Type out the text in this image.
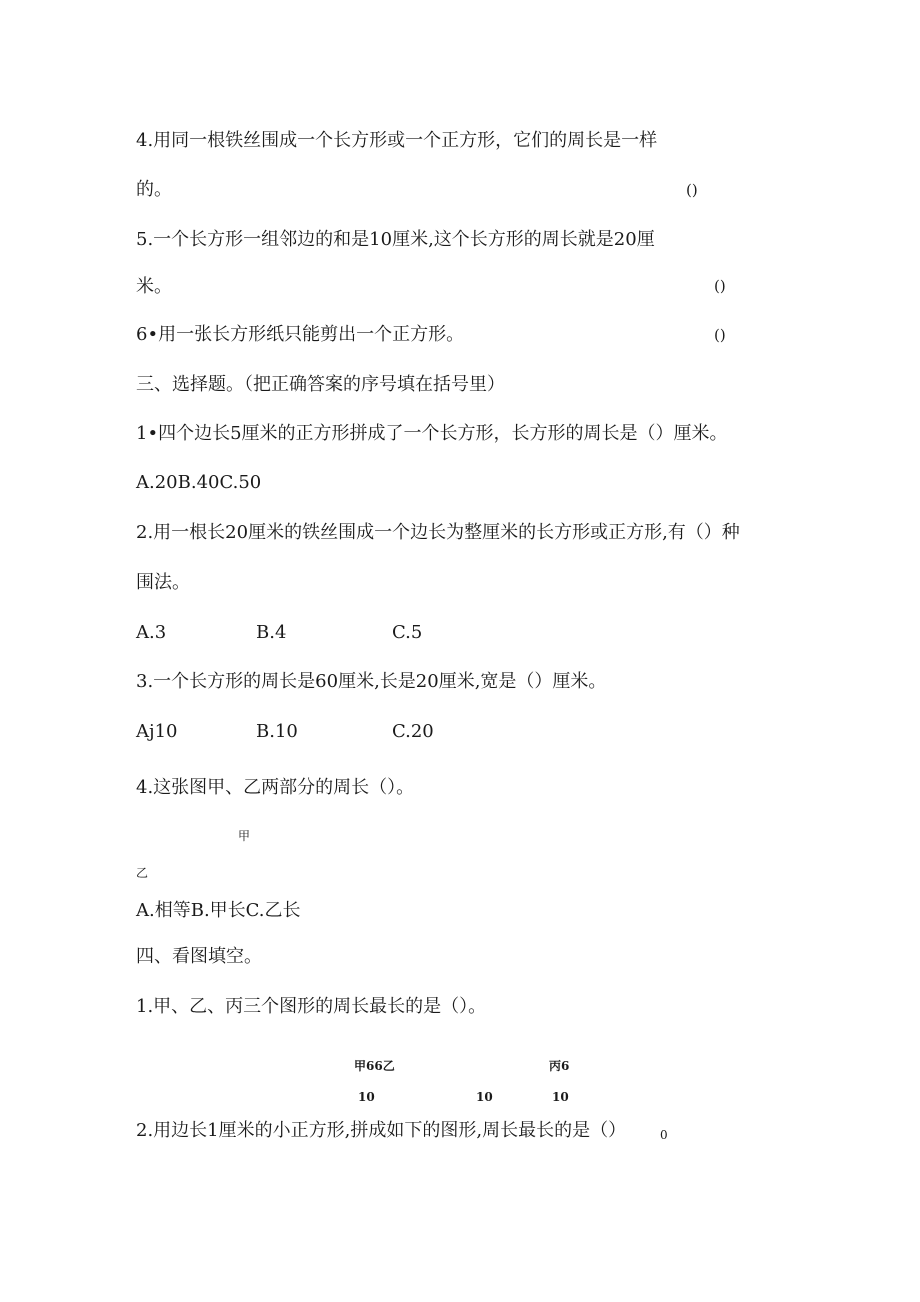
4.用同一根铁丝围成一个长方形或一个正方形，它们的周长是一样
的。	()
5.一个长方形一组邻边的和是10厘米,这个长方形的周长就是20厘
米。	()
6•用一张长方形纸只能剪出一个正方形。	()
三、选择题。（把正确答案的序号填在括号里）
1•四个边长5厘米的正方形拼成了一个长方形，长方形的周长是（）厘米。
A.20B.40C.50
2.用一根长20厘米的铁丝围成一个边长为整厘米的长方形或正方形,有（）种
围法。
A.3	B.4	C.5
3.一个长方形的周长是60厘米,长是20厘米,宽是（）厘米。
Aj10	B.10	C.20
4.这张图甲、乙两部分的周长（）。
甲
乙
A.相等B.甲长C.乙长
四、看图填空。
1.甲、乙、丙三个图形的周长最长的是（）。
甲66乙	丙6
10	10	10
2.用边长1厘米的小正方形,拼成如下的图形,周长最长的是（）	0
